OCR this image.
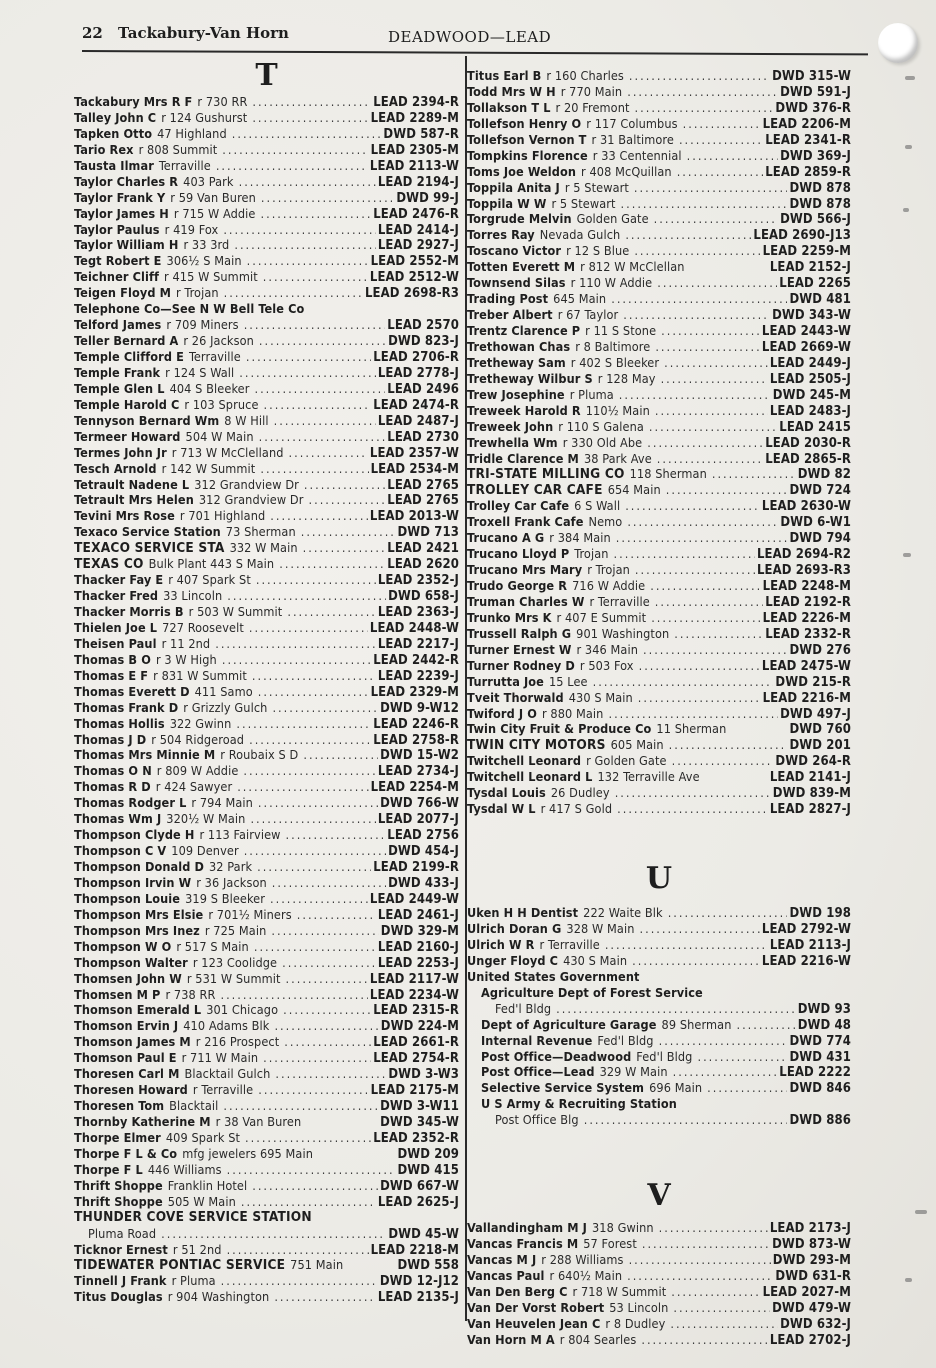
22 Tackabury-Van Horn	DEADWOOD—LEAD
T
Tackabury Mrs R F r 730 RR .....	LEAD 2394-R
Talley John C r 124 Gushurst .....	LEAD 2289-M
Tapken Otto 47 Highland .....	DWD 587-R
Tario Rex r 808 Summit .....	LEAD 2305-M
Tausta Ilmar Terraville .....	LEAD 2113-W
Taylor Charles R 403 Park .....	LEAD 2194-J
Taylor Frank Y r 59 Van Buren .....	DWD 99-J
Taylor James H r 715 W Addie .....	LEAD 2476-R
Taylor Paulus r 419 Fox .....	LEAD 2414-J
Taylor William H r 33 3rd .....	LEAD 2927-J
Tegt Robert E 306½ S Main .....	LEAD 2552-M
Teichner Cliff r 415 W Summit .....	LEAD 2512-W
Teigen Floyd M r Trojan .....	LEAD 2698-R3
Telephone Co—See N W Bell Tele Co
Telford James r 709 Miners .....	LEAD 2570
Teller Bernard A r 26 Jackson .....	DWD 823-J
Temple Clifford E Terraville .....	LEAD 2706-R
Temple Frank r 124 S Wall .....	LEAD 2778-J
Temple Glen L 404 S Bleeker .....	LEAD 2496
Temple Harold C r 103 Spruce .....	LEAD 2474-R
Tennyson Bernard Wm 8 W Hill .....	LEAD 2487-J
Termeer Howard 504 W Main .....	LEAD 2730
Termes John Jr r 713 W McClelland .....	LEAD 2357-W
Tesch Arnold r 142 W Summit .....	LEAD 2534-M
Tetrault Nadene L 312 Grandview Dr .....	LEAD 2765
Tetrault Mrs Helen 312 Grandview Dr .....	LEAD 2765
Tevini Mrs Rose r 701 Highland .....	LEAD 2013-W
Texaco Service Station 73 Sherman .....	DWD 713
TEXACO SERVICE STA 332 W Main .....	LEAD 2421
TEXAS CO Bulk Plant 443 S Main .....	LEAD 2620
Thacker Fay E r 407 Spark St .....	LEAD 2352-J
Thacker Fred 33 Lincoln .....	DWD 658-J
Thacker Morris B r 503 W Summit .....	LEAD 2363-J
Thielen Joe L 727 Roosevelt .....	LEAD 2448-W
Theisen Paul r 11 2nd .....	LEAD 2217-J
Thomas B O r 3 W High .....	LEAD 2442-R
Thomas E F r 831 W Summit .....	LEAD 2239-J
Thomas Everett D 411 Samo .....	LEAD 2329-M
Thomas Frank D r Grizzly Gulch .....	DWD 9-W12
Thomas Hollis 322 Gwinn .....	LEAD 2246-R
Thomas J D r 504 Ridgeroad .....	LEAD 2758-R
Thomas Mrs Minnie M r Roubaix S D .....	DWD 15-W2
Thomas O N r 809 W Addie .....	LEAD 2734-J
Thomas R D r 424 Sawyer .....	LEAD 2254-M
Thomas Rodger L r 794 Main .....	DWD 766-W
Thomas Wm J 320½ W Main .....	LEAD 2077-J
Thompson Clyde H r 113 Fairview .....	LEAD 2756
Thompson C V 109 Denver .....	DWD 454-J
Thompson Donald D 32 Park .....	LEAD 2199-R
Thompson Irvin W r 36 Jackson .....	DWD 433-J
Thompson Louie 319 S Bleeker .....	LEAD 2449-W
Thompson Mrs Elsie r 701½ Miners .....	LEAD 2461-J
Thompson Mrs Inez r 725 Main .....	DWD 329-M
Thompson W O r 517 S Main .....	LEAD 2160-J
Thompson Walter r 123 Coolidge .....	LEAD 2253-J
Thomsen John W r 531 W Summit .....	LEAD 2117-W
Thomsen M P r 738 RR .....	LEAD 2234-W
Thomson Emerald L 301 Chicago .....	LEAD 2315-R
Thomson Ervin J 410 Adams Blk .....	DWD 224-M
Thomson James M r 216 Prospect .....	LEAD 2661-R
Thomson Paul E r 711 W Main .....	LEAD 2754-R
Thoresen Carl M Blacktail Gulch .....	DWD 3-W3
Thoresen Howard r Terraville .....	LEAD 2175-M
Thoresen Tom Blacktail .....	DWD 3-W11
Thornby Katherine M r 38 Van Buren	DWD 345-W
Thorpe Elmer 409 Spark St .....	LEAD 2352-R
Thorpe F L & Co mfg jewelers 695 Main	DWD 209
Thorpe F L 446 Williams .....	DWD 415
Thrift Shoppe Franklin Hotel .....	DWD 667-W
Thrift Shoppe 505 W Main .....	LEAD 2625-J
THUNDER COVE SERVICE STATION
Pluma Road .....	DWD 45-W
Ticknor Ernest r 51 2nd .....	LEAD 2218-M
TIDEWATER PONTIAC SERVICE 751 Main	DWD 558
Tinnell J Frank r Pluma .....	DWD 12-J12
Titus Douglas r 904 Washington .....	LEAD 2135-J
Titus Earl B r 160 Charles .....	DWD 315-W
Todd Mrs W H r 770 Main .....	DWD 591-J
Tollakson T L r 20 Fremont .....	DWD 376-R
Tollefson Henry O r 117 Columbus .....	LEAD 2206-M
Tollefson Vernon T r 31 Baltimore .....	LEAD 2341-R
Tompkins Florence r 33 Centennial .....	DWD 369-J
Toms Joe Weldon r 408 McQuillan .....	LEAD 2859-R
Toppila Anita J r 5 Stewart .....	DWD 878
Toppila W W r 5 Stewart .....	DWD 878
Torgrude Melvin Golden Gate .....	DWD 566-J
Torres Ray Nevada Gulch .....	LEAD 2690-J13
Toscano Victor r 12 S Blue .....	LEAD 2259-M
Totten Everett M r 812 W McClellan	LEAD 2152-J
Townsend Silas r 110 W Addie .....	LEAD 2265
Trading Post 645 Main .....	DWD 481
Treber Albert r 67 Taylor .....	DWD 343-W
Trentz Clarence P r 11 S Stone .....	LEAD 2443-W
Trethowan Chas r 8 Baltimore .....	LEAD 2669-W
Tretheway Sam r 402 S Bleeker .....	LEAD 2449-J
Tretheway Wilbur S r 128 May .....	LEAD 2505-J
Trew Josephine r Pluma .....	DWD 245-M
Treweek Harold R 110½ Main .....	LEAD 2483-J
Treweek John r 110 S Galena .....	LEAD 2415
Trewhella Wm r 330 Old Abe .....	LEAD 2030-R
Tridle Clarence M 38 Park Ave .....	LEAD 2865-R
TRI-STATE MILLING CO 118 Sherman .....	DWD 82
TROLLEY CAR CAFE 654 Main .....	DWD 724
Trolley Car Cafe 6 S Wall .....	LEAD 2630-W
Troxell Frank Cafe Nemo .....	DWD 6-W1
Trucano A G r 384 Main .....	DWD 794
Trucano Lloyd P Trojan .....	LEAD 2694-R2
Trucano Mrs Mary r Trojan .....	LEAD 2693-R3
Trudo George R 716 W Addie .....	LEAD 2248-M
Truman Charles W r Terraville .....	LEAD 2192-R
Trunko Mrs K r 407 E Summit .....	LEAD 2226-M
Trussell Ralph G 901 Washington .....	LEAD 2332-R
Turner Ernest W r 346 Main .....	DWD 276
Turner Rodney D r 503 Fox .....	LEAD 2475-W
Turrutta Joe 15 Lee .....	DWD 215-R
Tveit Thorwald 430 S Main .....	LEAD 2216-M
Twiford J O r 880 Main .....	DWD 497-J
Twin City Fruit & Produce Co 11 Sherman	DWD 760
TWIN CITY MOTORS 605 Main .....	DWD 201
Twitchell Leonard r Golden Gate .....	DWD 264-R
Twitchell Leonard L 132 Terraville Ave	LEAD 2141-J
Tysdal Louis 26 Dudley .....	DWD 839-M
Tysdal W L r 417 S Gold .....	LEAD 2827-J
U
Uken H H Dentist 222 Waite Blk .....	DWD 198
Ulrich Doran G 328 W Main .....	LEAD 2792-W
Ulrich W R r Terraville .....	LEAD 2113-J
Unger Floyd C 430 S Main .....	LEAD 2216-W
United States Government
Agriculture Dept of Forest Service
Fed'l Bldg .....	DWD 93
Dept of Agriculture Garage 89 Sherman .....	DWD 48
Internal Revenue Fed'l Bldg .....	DWD 774
Post Office—Deadwood Fed'l Bldg .....	DWD 431
Post Office—Lead 329 W Main .....	LEAD 2222
Selective Service System 696 Main .....	DWD 846
U S Army & Recruiting Station
Post Office Blg .....	DWD 886
V
Vallandingham M J 318 Gwinn .....	LEAD 2173-J
Vancas Francis M 57 Forest .....	DWD 873-W
Vancas M J r 288 Williams .....	DWD 293-M
Vancas Paul r 640½ Main .....	DWD 631-R
Van Den Berg C r 718 W Summit .....	LEAD 2027-M
Van Der Vorst Robert 53 Lincoln .....	DWD 479-W
Van Heuvelen Jean C r 8 Dudley .....	DWD 632-J
Van Horn M A r 804 Searles .....	LEAD 2702-J
